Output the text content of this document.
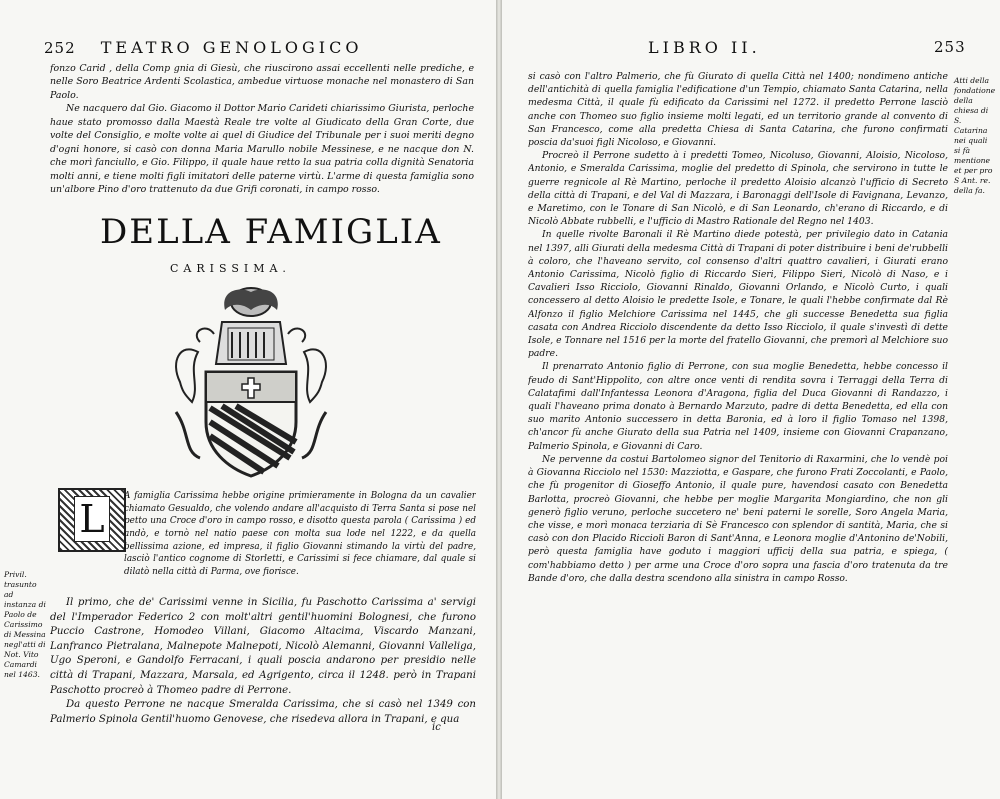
252 TEATRO GENOLOGICO

fonzo Carid , della Comp gnia di Giesù, che riuscirono assai eccellenti nelle prediche, e nelle Soro Beatrice Ardenti Scolastica, ambedue virtuose monache nel monastero di San Paolo.

Ne nacquero dal Gio. Giacomo il Dottor Mario Carideti chiarissimo Giurista, perloche haue stato promosso dalla Maestà Reale tre volte al Giudicato della Gran Corte, due volte del Consiglio, e molte volte ai quel di Giudice del Tribunale per i suoi meriti degno d'ogni honore, si casò con donna Maria Marullo nobile Messinese, e ne nacque don N. che morì fanciullo, e Gio. Filippo, il quale haue retto la sua patria colla dignità Senatoria molti anni, e tiene molti figli imitatori delle paterne virtù. L'arme di questa famiglia sono un'albore Pino d'oro trattenuto da due Grifi coronati, in campo rosso.

DELLA FAMIGLIA
CARISSIMA.
L

A famiglia Carissima hebbe origine primieramente in Bologna da un cavalier chiamato Gesualdo, che volendo andare all'acquisto di Terra Santa si pose nel petto una Croce d'oro in campo rosso, e disotto questa parola ( Carissima ) ed andò, e tornò nel natio paese con molta sua lode nel 1222, e da quella bellissima azione, ed impresa, il figlio Giovanni stimando la virtù del padre, lasciò l'antico cognome di Storletti, e Carissimi si fece chiamare, dal quale si dilatò nella città di Parma, ove fiorisce.

Il primo, che de' Carissimi venne in Sicilia, fu Paschotto Carissima a' servigi del l'Imperador Federico 2 con molt'altri gentil'huomini Bolognesi, che furono Puccio Castrone, Homodeo Villani, Giacomo Altacima, Viscardo Manzani, Lanfranco Pietralana, Malnepote Malnepoti, Nicolò Alemanni, Giovanni Valleliga, Ugo Speroni, e Gandolfo Ferracani, i quali poscia andarono per presidio nelle città di Trapani, Mazzara, Marsala, ed Agrigento, circa il 1248. però in Trapani Paschotto procreò à Thomeo padre di Perrone.

Da questo Perrone ne nacque Smeralda Carissima, che si casò nel 1349 con Palmerio Spinola Gentil'huomo Genovese, che risedeva allora in Trapani, e qua

Privil. trasunto ad instanza di Paolo de Carissimo di Messina negl'atti di Not. Vito Camardi nel 1463.
ic
LIBRO II.	253

si casò con l'altro Palmerio, che fù Giurato di quella Città nel 1400; nondimeno antiche dell'antichità di quella famiglia l'edificatione d'un Tempio, chiamato Santa Catarina, nella medesma Città, il quale fù edificato da Carissimi nel 1272. il predetto Perrone lasciò anche con Thomeo suo figlio insieme molti legati, ed un territorio grande al convento di San Francesco, come alla predetta Chiesa di Santa Catarina, che furono confirmati poscia da'suoi figli Nicoloso, e Giovanni.

Procreò il Perrone sudetto à i predetti Tomeo, Nicoluso, Giovanni, Aloisio, Nicoloso, Antonio, e Smeralda Carissima, moglie del predetto di Spinola, che servirono in tutte le guerre regnicole al Rè Martino, perloche il predetto Aloisio alcanzò l'ufficio di Secreto della città di Trapani, e del Val di Mazzara, i Baronaggi dell'Isole di Favignana, Levanzo, e Maretimo, con le Tonare di San Nicolò, e di San Leonardo, ch'erano di Riccardo, e di Nicolò Abbate rubbelli, e l'ufficio di Mastro Rationale del Regno nel 1403.

In quelle rivolte Baronali il Rè Martino diede potestà, per privilegio dato in Catania nel 1397, alli Giurati della medesma Città di Trapani di poter distribuire i beni de'rubbelli à coloro, che l'haveano servito, col consenso d'altri quattro cavalieri, i Giurati erano Antonio Carissima, Nicolò figlio di Riccardo Sieri, Filippo Sieri, Nicolò di Naso, e i Cavalieri Isso Ricciolo, Giovanni Rinaldo, Giovanni Orlando, e Nicolò Curto, i quali concessero al detto Aloisio le predette Isole, e Tonare, le quali l'hebbe confirmate dal Rè Alfonzo il figlio Melchiore Carissima nel 1445, che gli successe Benedetta sua figlia casata con Andrea Ricciolo discendente da detto Isso Ricciolo, il quale s'investì di dette Isole, e Tonnare nel 1516 per la morte del fratello Giovanni, che premorì al Melchiore suo padre.

Il prenarrato Antonio figlio di Perrone, con sua moglie Benedetta, hebbe concesso il feudo di Sant'Hippolito, con altre once venti di rendita sovra i Terraggi della Terra di Calatafimi dall'Infantessa Leonora d'Aragona, figlia del Duca Giovanni di Randazzo, i quali l'haveano prima donato à Bernardo Marzuto, padre di detta Benedetta, ed ella con suo marito Antonio successero in detta Baronia, ed à loro il figlio Tomaso nel 1398, ch'ancor fù anche Giurato della sua Patria nel 1409, insieme con Giovanni Crapanzano, Palmerio Spinola, e Giovanni di Caro.

Ne pervenne da costui Bartolomeo signor del Tenitorio di Raxarmini, che lo vendè poi à Giovanna Ricciolo nel 1530: Mazziotta, e Gaspare, che furono Frati Zoccolanti, e Paolo, che fù progenitor di Gioseffo Antonio, il quale pure, havendosi casato con Benedetta Barlotta, procreò Giovanni, che hebbe per moglie Margarita Mongiardino, che non gli generò figlio veruno, perloche succetero ne' beni paterni le sorelle, Soro Angela Maria, che visse, e morì monaca terziaria di Sè Francesco con splendor di santità, Maria, che si casò con don Placido Riccioli Baron di Sant'Anna, e Leonora moglie d'Antonino de'Nobili, però questa famiglia have goduto i maggiori ufficij della sua patria, e spiega, ( com'habbiamo detto ) per arme una Croce d'oro sopra una fascia d'oro tratenuta da tre Bande d'oro, che dalla destra scendono alla sinistra in campo Rosso.

Atti della fondatione della chiesa di S. Catarina nei quali si fà mentione et per pro S Ant. re. della fa.
